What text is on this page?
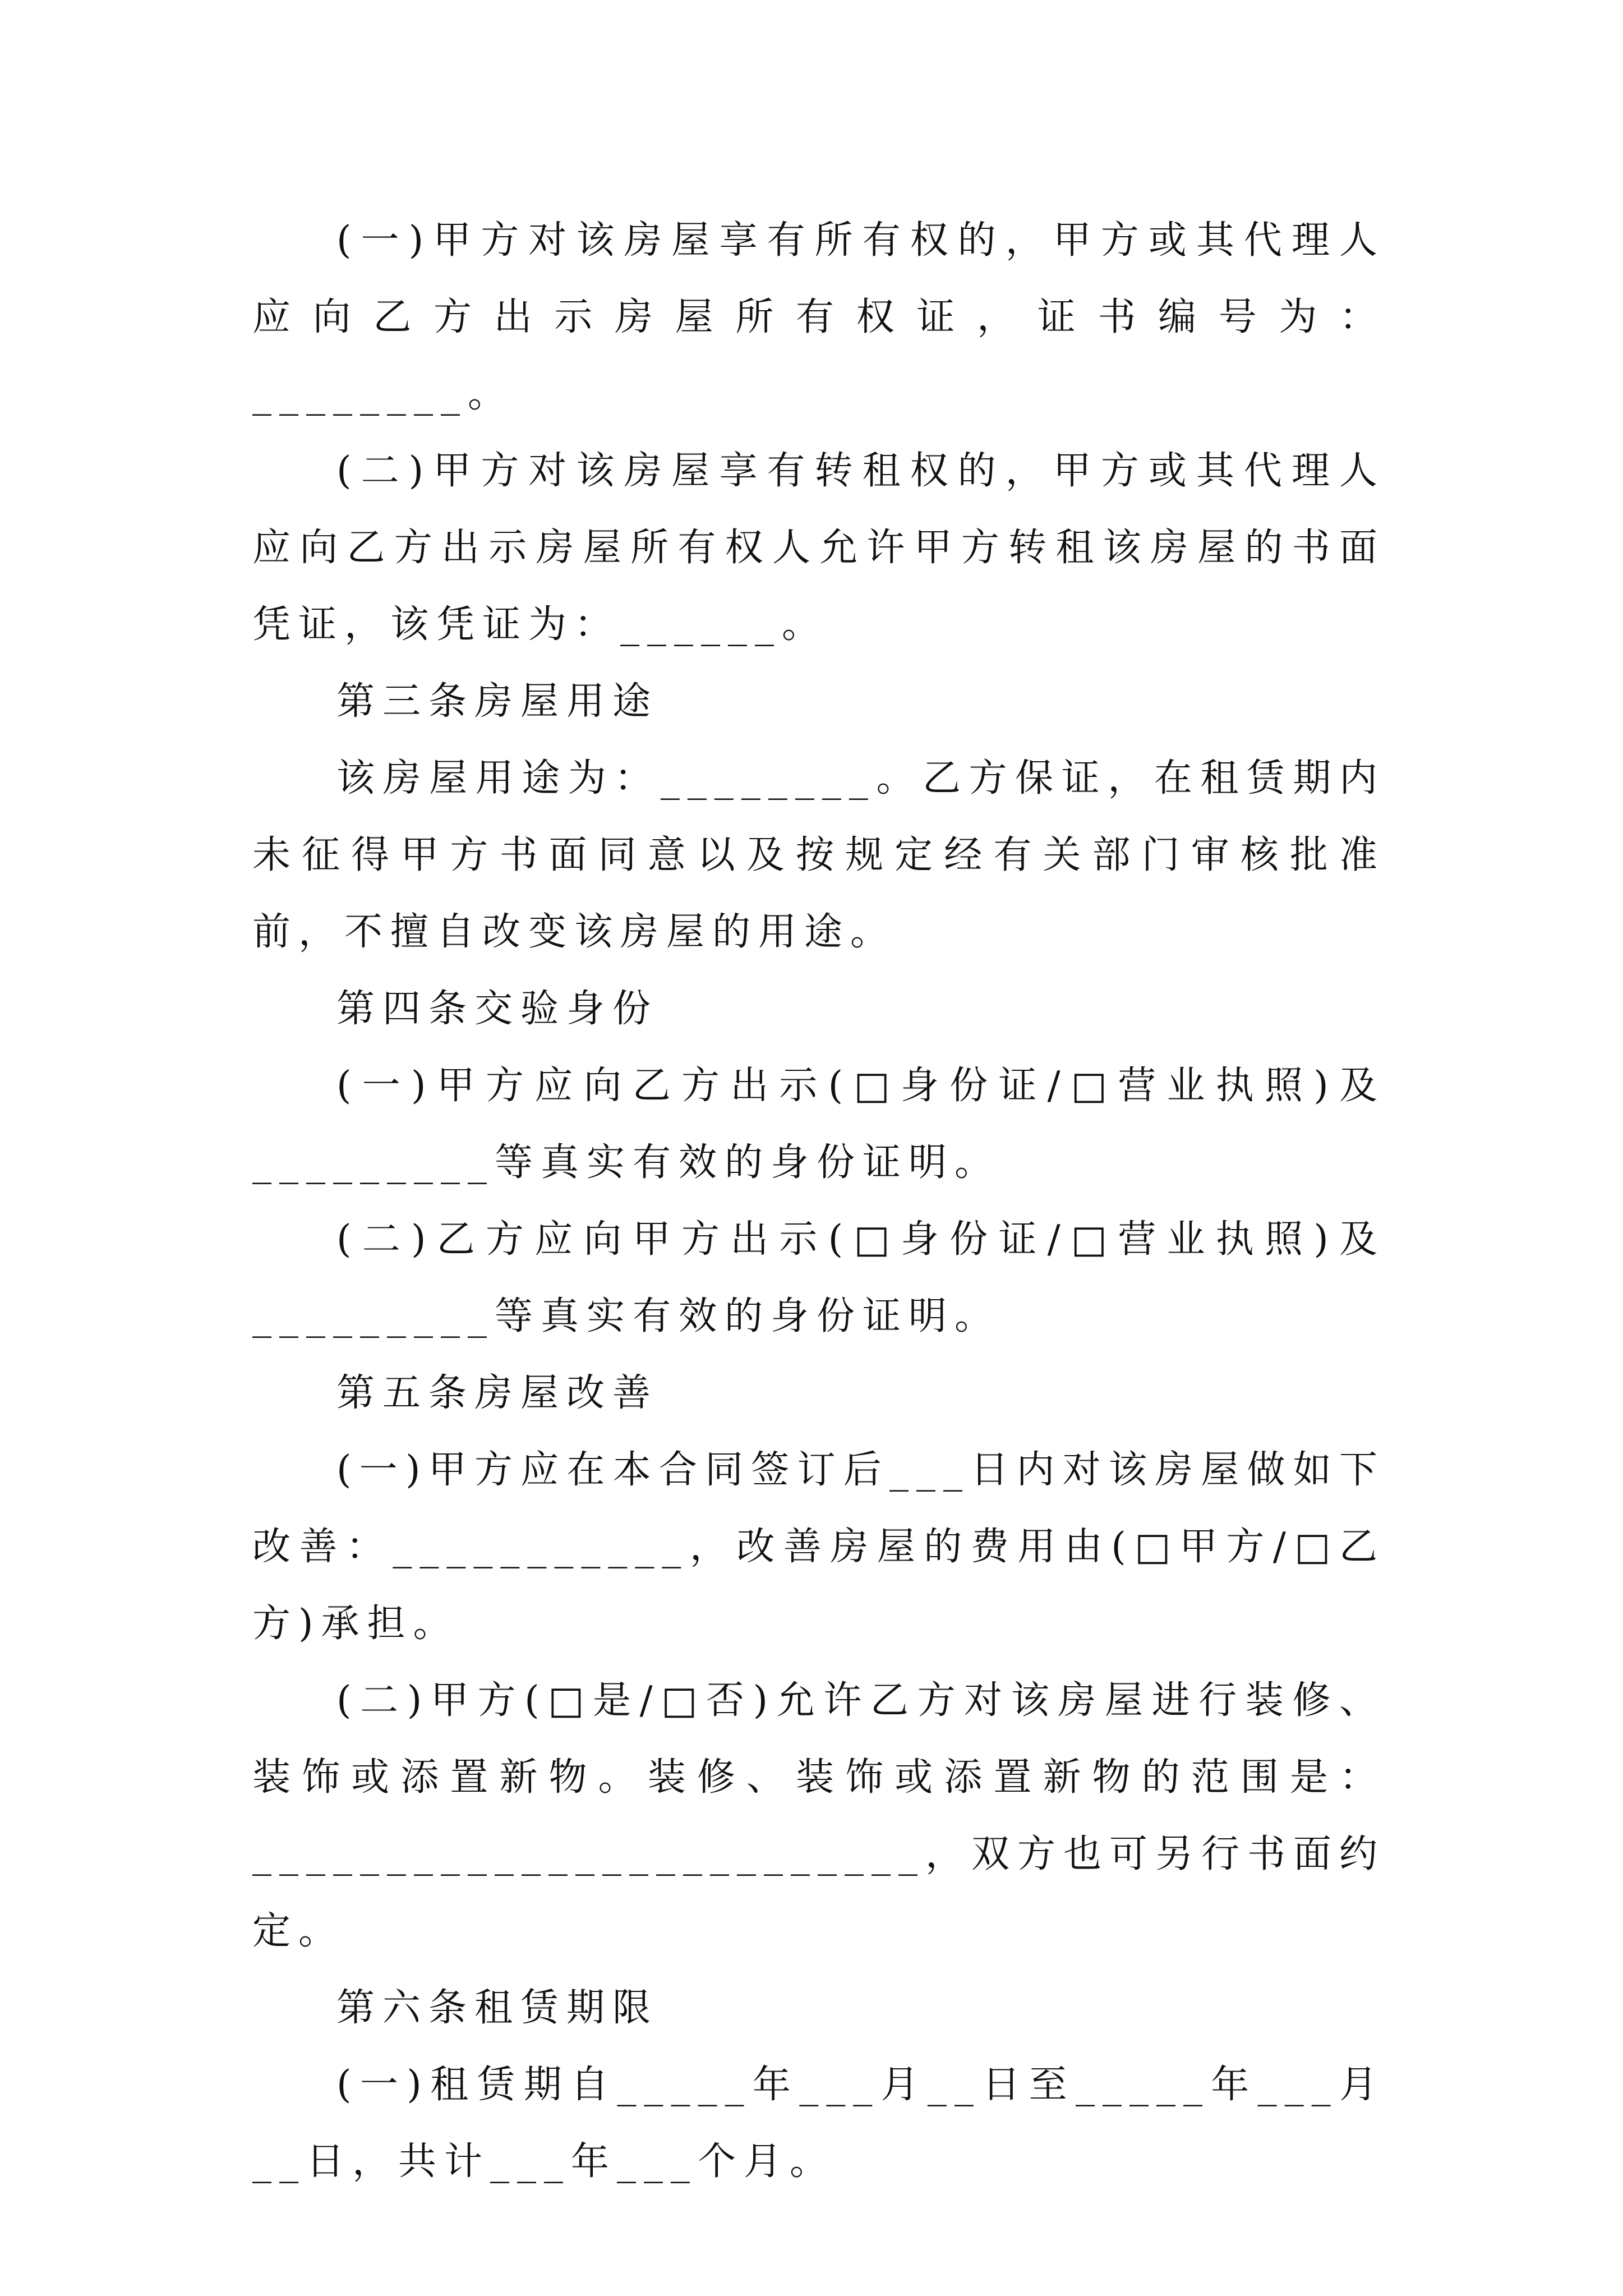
(一)甲方对该房屋享有所有权的，甲方或其代理人应向乙方出示房屋所有权证，证书编号为：________。

(二)甲方对该房屋享有转租权的，甲方或其代理人应向乙方出示房屋所有权人允许甲方转租该房屋的书面凭证，该凭证为：______。

第三条房屋用途

该房屋用途为：________。乙方保证，在租赁期内未征得甲方书面同意以及按规定经有关部门审核批准前，不擅自改变该房屋的用途。

第四条交验身份

(一)甲方应向乙方出示(□身份证/□营业执照)及_________等真实有效的身份证明。

(二)乙方应向甲方出示(□身份证/□营业执照)及_________等真实有效的身份证明。

第五条房屋改善

(一)甲方应在本合同签订后___日内对该房屋做如下改善：___________，改善房屋的费用由(□甲方/□乙方)承担。

(二)甲方(□是/□否)允许乙方对该房屋进行装修、装饰或添置新物。装修、装饰或添置新物的范围是：_________________________，双方也可另行书面约定。

第六条租赁期限

(一)租赁期自_____年___月__日至_____年___月__日，共计___年___个月。
